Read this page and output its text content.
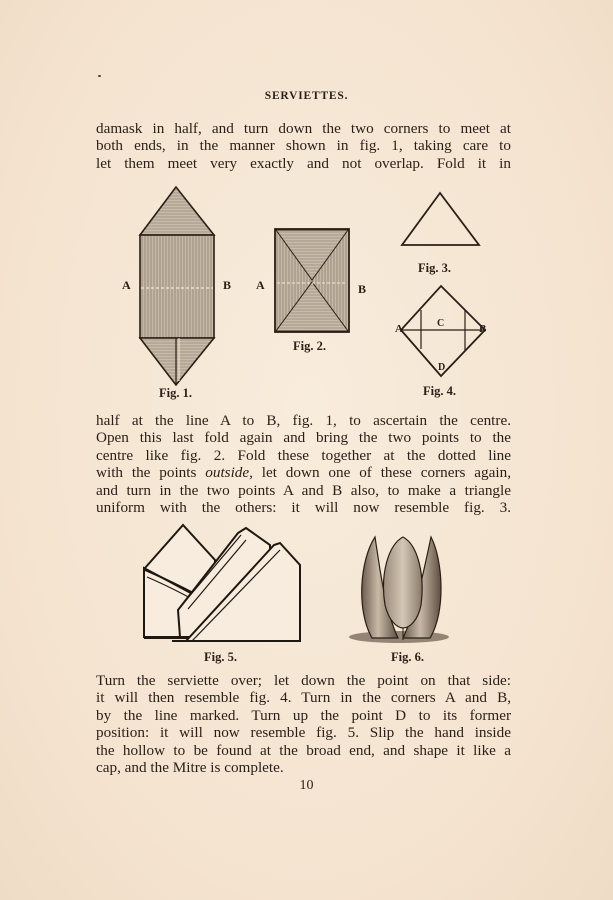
SERVIETTES.
damask in half, and turn down the two corners to meet at
both ends, in the manner shown in fig. 1, taking care to
let them meet very exactly and not overlap. Fold it in
A	B
Fig. 1.
A	B
Fig. 2.
Fig. 3.
A	B
C
D
Fig. 4.
Fig. 5.	Fig. 6.
half at the line A to B, fig. 1, to ascertain the centre.
Open this last fold again and bring the two points to the
centre like fig. 2. Fold these together at the dotted line
with the points outside, let down one of these corners again,
and turn in the two points A and B also, to make a triangle
uniform with the others: it will now resemble fig. 3.
Turn the serviette over; let down the point on that side:
it will then resemble fig. 4. Turn in the corners A and B,
by the line marked. Turn up the point D to its former
position: it will now resemble fig. 5. Slip the hand inside
the hollow to be found at the broad end, and shape it like a
cap, and the Mitre is complete.
10
